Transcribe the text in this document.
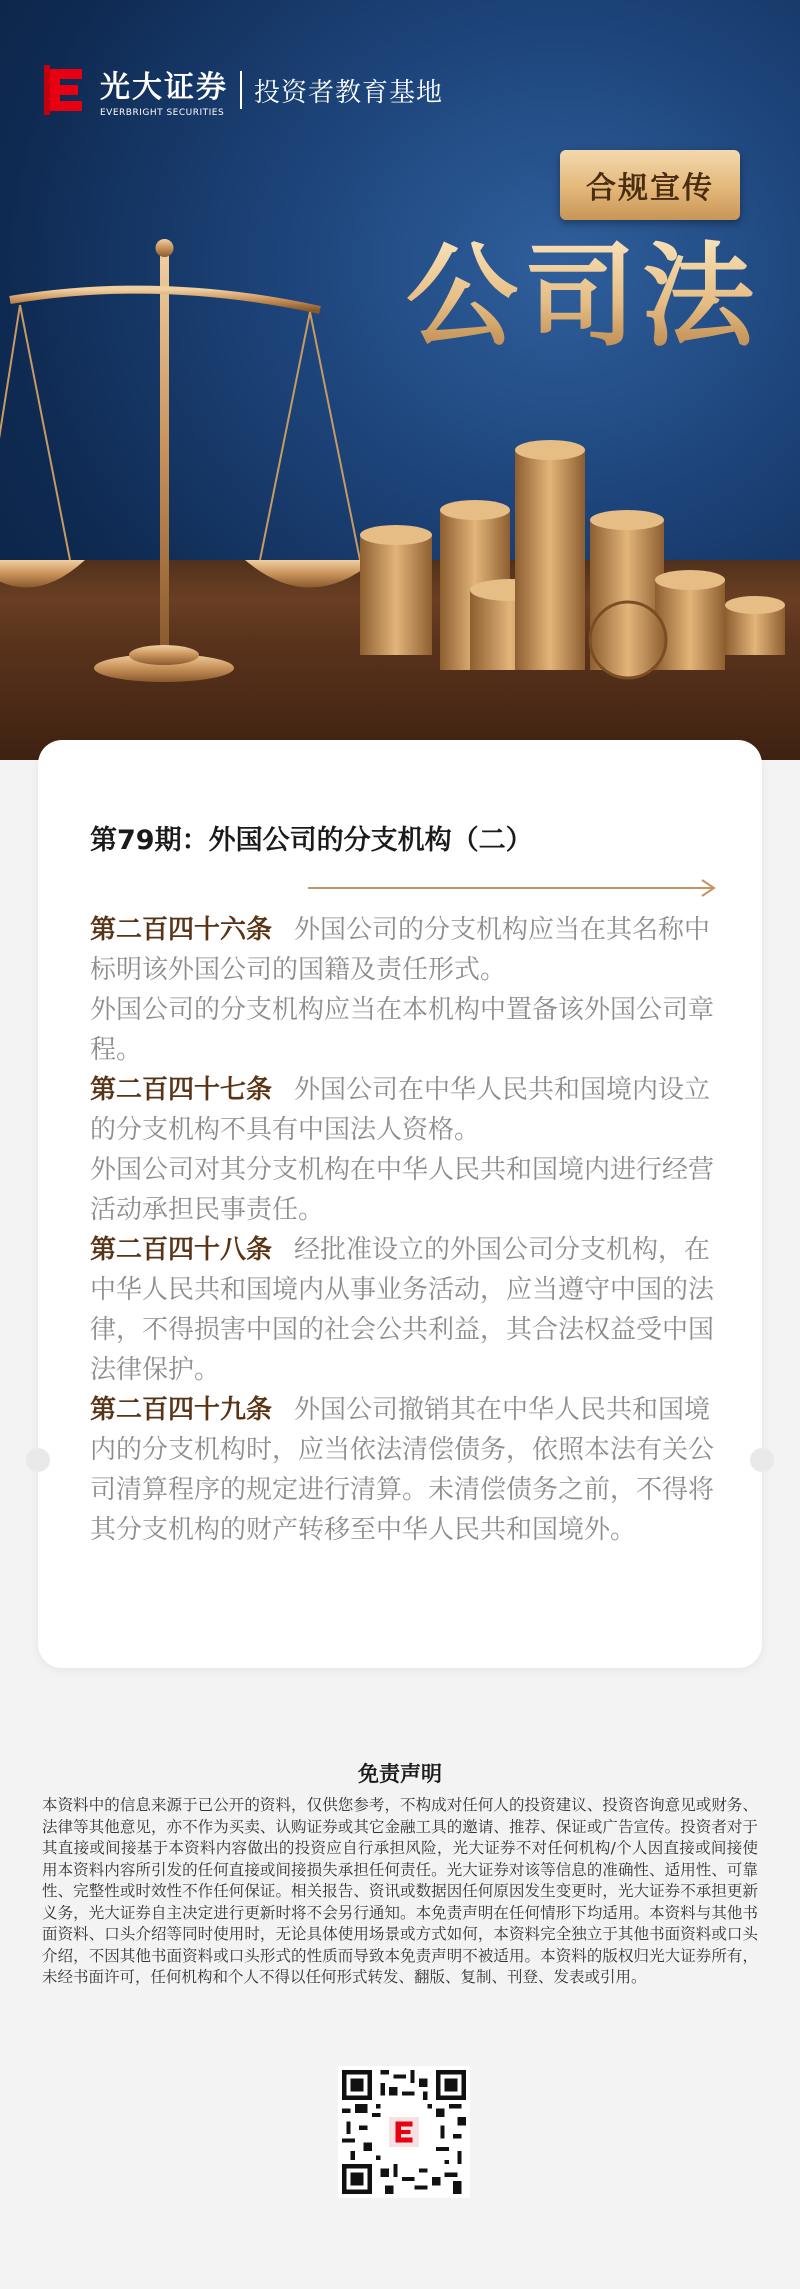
光大证券
EVERBRIGHT SECURITIES
投资者教育基地
合规宣传
公司法
第79期：外国公司的分支机构（二）

第二百四十六条 外国公司的分支机构应当在其名称中标明该外国公司的国籍及责任形式。

外国公司的分支机构应当在本机构中置备该外国公司章程。

第二百四十七条 外国公司在中华人民共和国境内设立的分支机构不具有中国法人资格。

外国公司对其分支机构在中华人民共和国境内进行经营活动承担民事责任。

第二百四十八条 经批准设立的外国公司分支机构，在中华人民共和国境内从事业务活动，应当遵守中国的法律，不得损害中国的社会公共利益，其合法权益受中国法律保护。

第二百四十九条 外国公司撤销其在中华人民共和国境内的分支机构时，应当依法清偿债务，依照本法有关公司清算程序的规定进行清算。未清偿债务之前，不得将其分支机构的财产转移至中华人民共和国境外。

免责声明

本资料中的信息来源于已公开的资料，仅供您参考，不构成对任何人的投资建议、投资咨询意见或财务、法律等其他意见，亦不作为买卖、认购证券或其它金融工具的邀请、推荐、保证或广告宣传。投资者对于其直接或间接基于本资料内容做出的投资应自行承担风险，光大证券不对任何机构/个人因直接或间接使用本资料内容所引发的任何直接或间接损失承担任何责任。光大证券对该等信息的准确性、适用性、可靠性、完整性或时效性不作任何保证。相关报告、资讯或数据因任何原因发生变更时，光大证券不承担更新义务，光大证券自主决定进行更新时将不会另行通知。本免责声明在任何情形下均适用。本资料与其他书面资料、口头介绍等同时使用时，无论具体使用场景或方式如何，本资料完全独立于其他书面资料或口头介绍，不因其他书面资料或口头形式的性质而导致本免责声明不被适用。本资料的版权归光大证券所有，未经书面许可，任何机构和个人不得以任何形式转发、翻版、复制、刊登、发表或引用。
